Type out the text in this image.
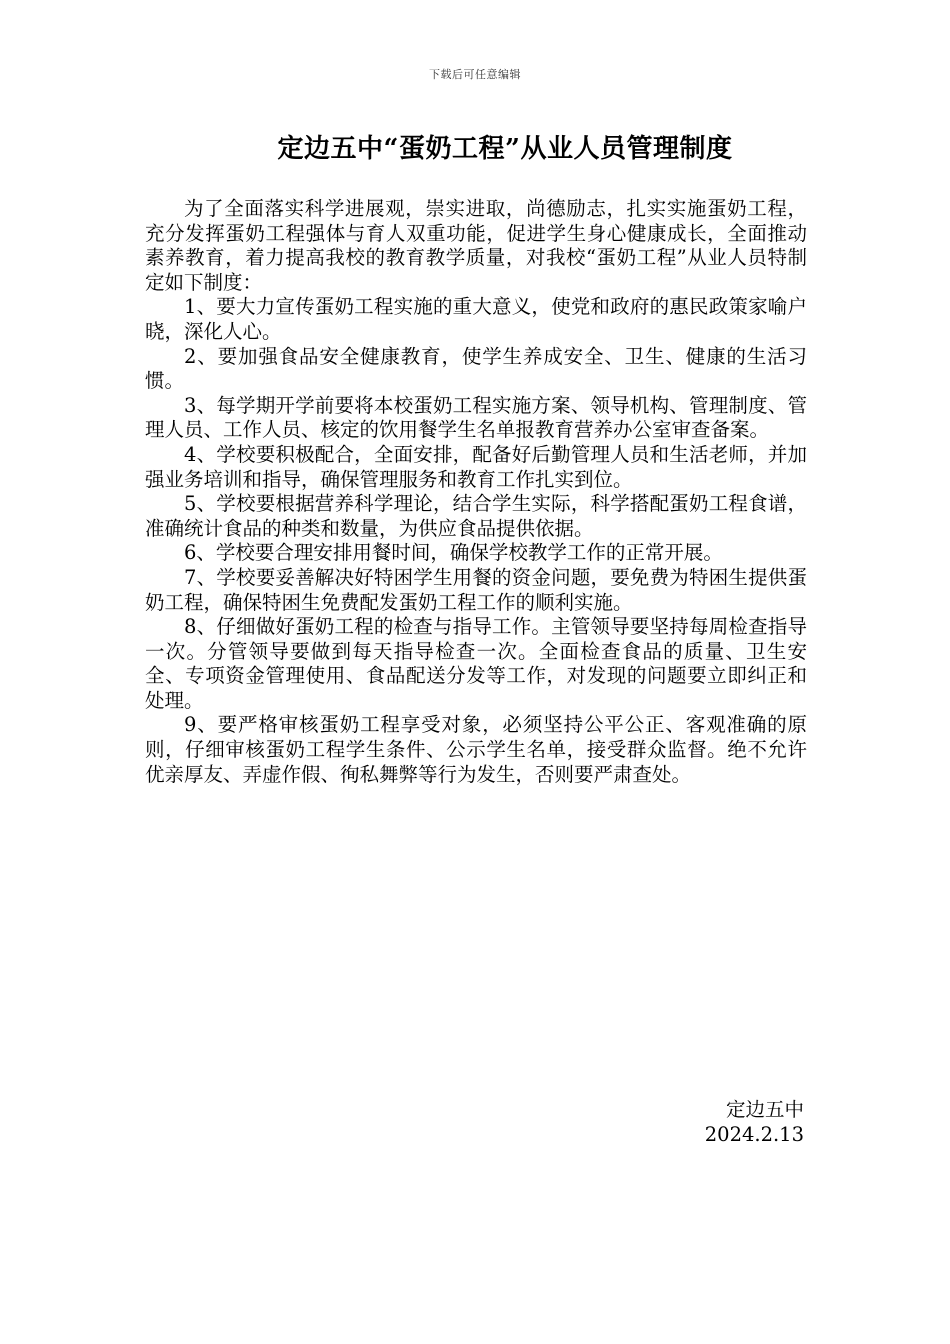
下载后可任意编辑
定边五中“蛋奶工程”从业人员管理制度

为了全面落实科学进展观，崇实进取，尚德励志，扎实实施蛋奶工程，充分发挥蛋奶工程强体与育人双重功能，促进学生身心健康成长，全面推动素养教育，着力提高我校的教育教学质量，对我校“蛋奶工程”从业人员特制定如下制度：

1、要大力宣传蛋奶工程实施的重大意义，使党和政府的惠民政策家喻户晓，深化人心。

2、要加强食品安全健康教育，使学生养成安全、卫生、健康的生活习惯。

3、每学期开学前要将本校蛋奶工程实施方案、领导机构、管理制度、管理人员、工作人员、核定的饮用餐学生名单报教育营养办公室审查备案。

4、学校要积极配合，全面安排，配备好后勤管理人员和生活老师，并加强业务培训和指导，确保管理服务和教育工作扎实到位。

5、学校要根据营养科学理论，结合学生实际，科学搭配蛋奶工程食谱，准确统计食品的种类和数量，为供应食品提供依据。

6、学校要合理安排用餐时间，确保学校教学工作的正常开展。

7、学校要妥善解决好特困学生用餐的资金问题，要免费为特困生提供蛋奶工程，确保特困生免费配发蛋奶工程工作的顺利实施。

8、仔细做好蛋奶工程的检查与指导工作。主管领导要坚持每周检查指导一次。分管领导要做到每天指导检查一次。全面检查食品的质量、卫生安全、专项资金管理使用、食品配送分发等工作，对发现的问题要立即纠正和处理。

9、要严格审核蛋奶工程享受对象，必须坚持公平公正、客观准确的原则，仔细审核蛋奶工程学生条件、公示学生名单，接受群众监督。绝不允许优亲厚友、弄虚作假、徇私舞弊等行为发生，否则要严肃查处。

定边五中
2024.2.13
